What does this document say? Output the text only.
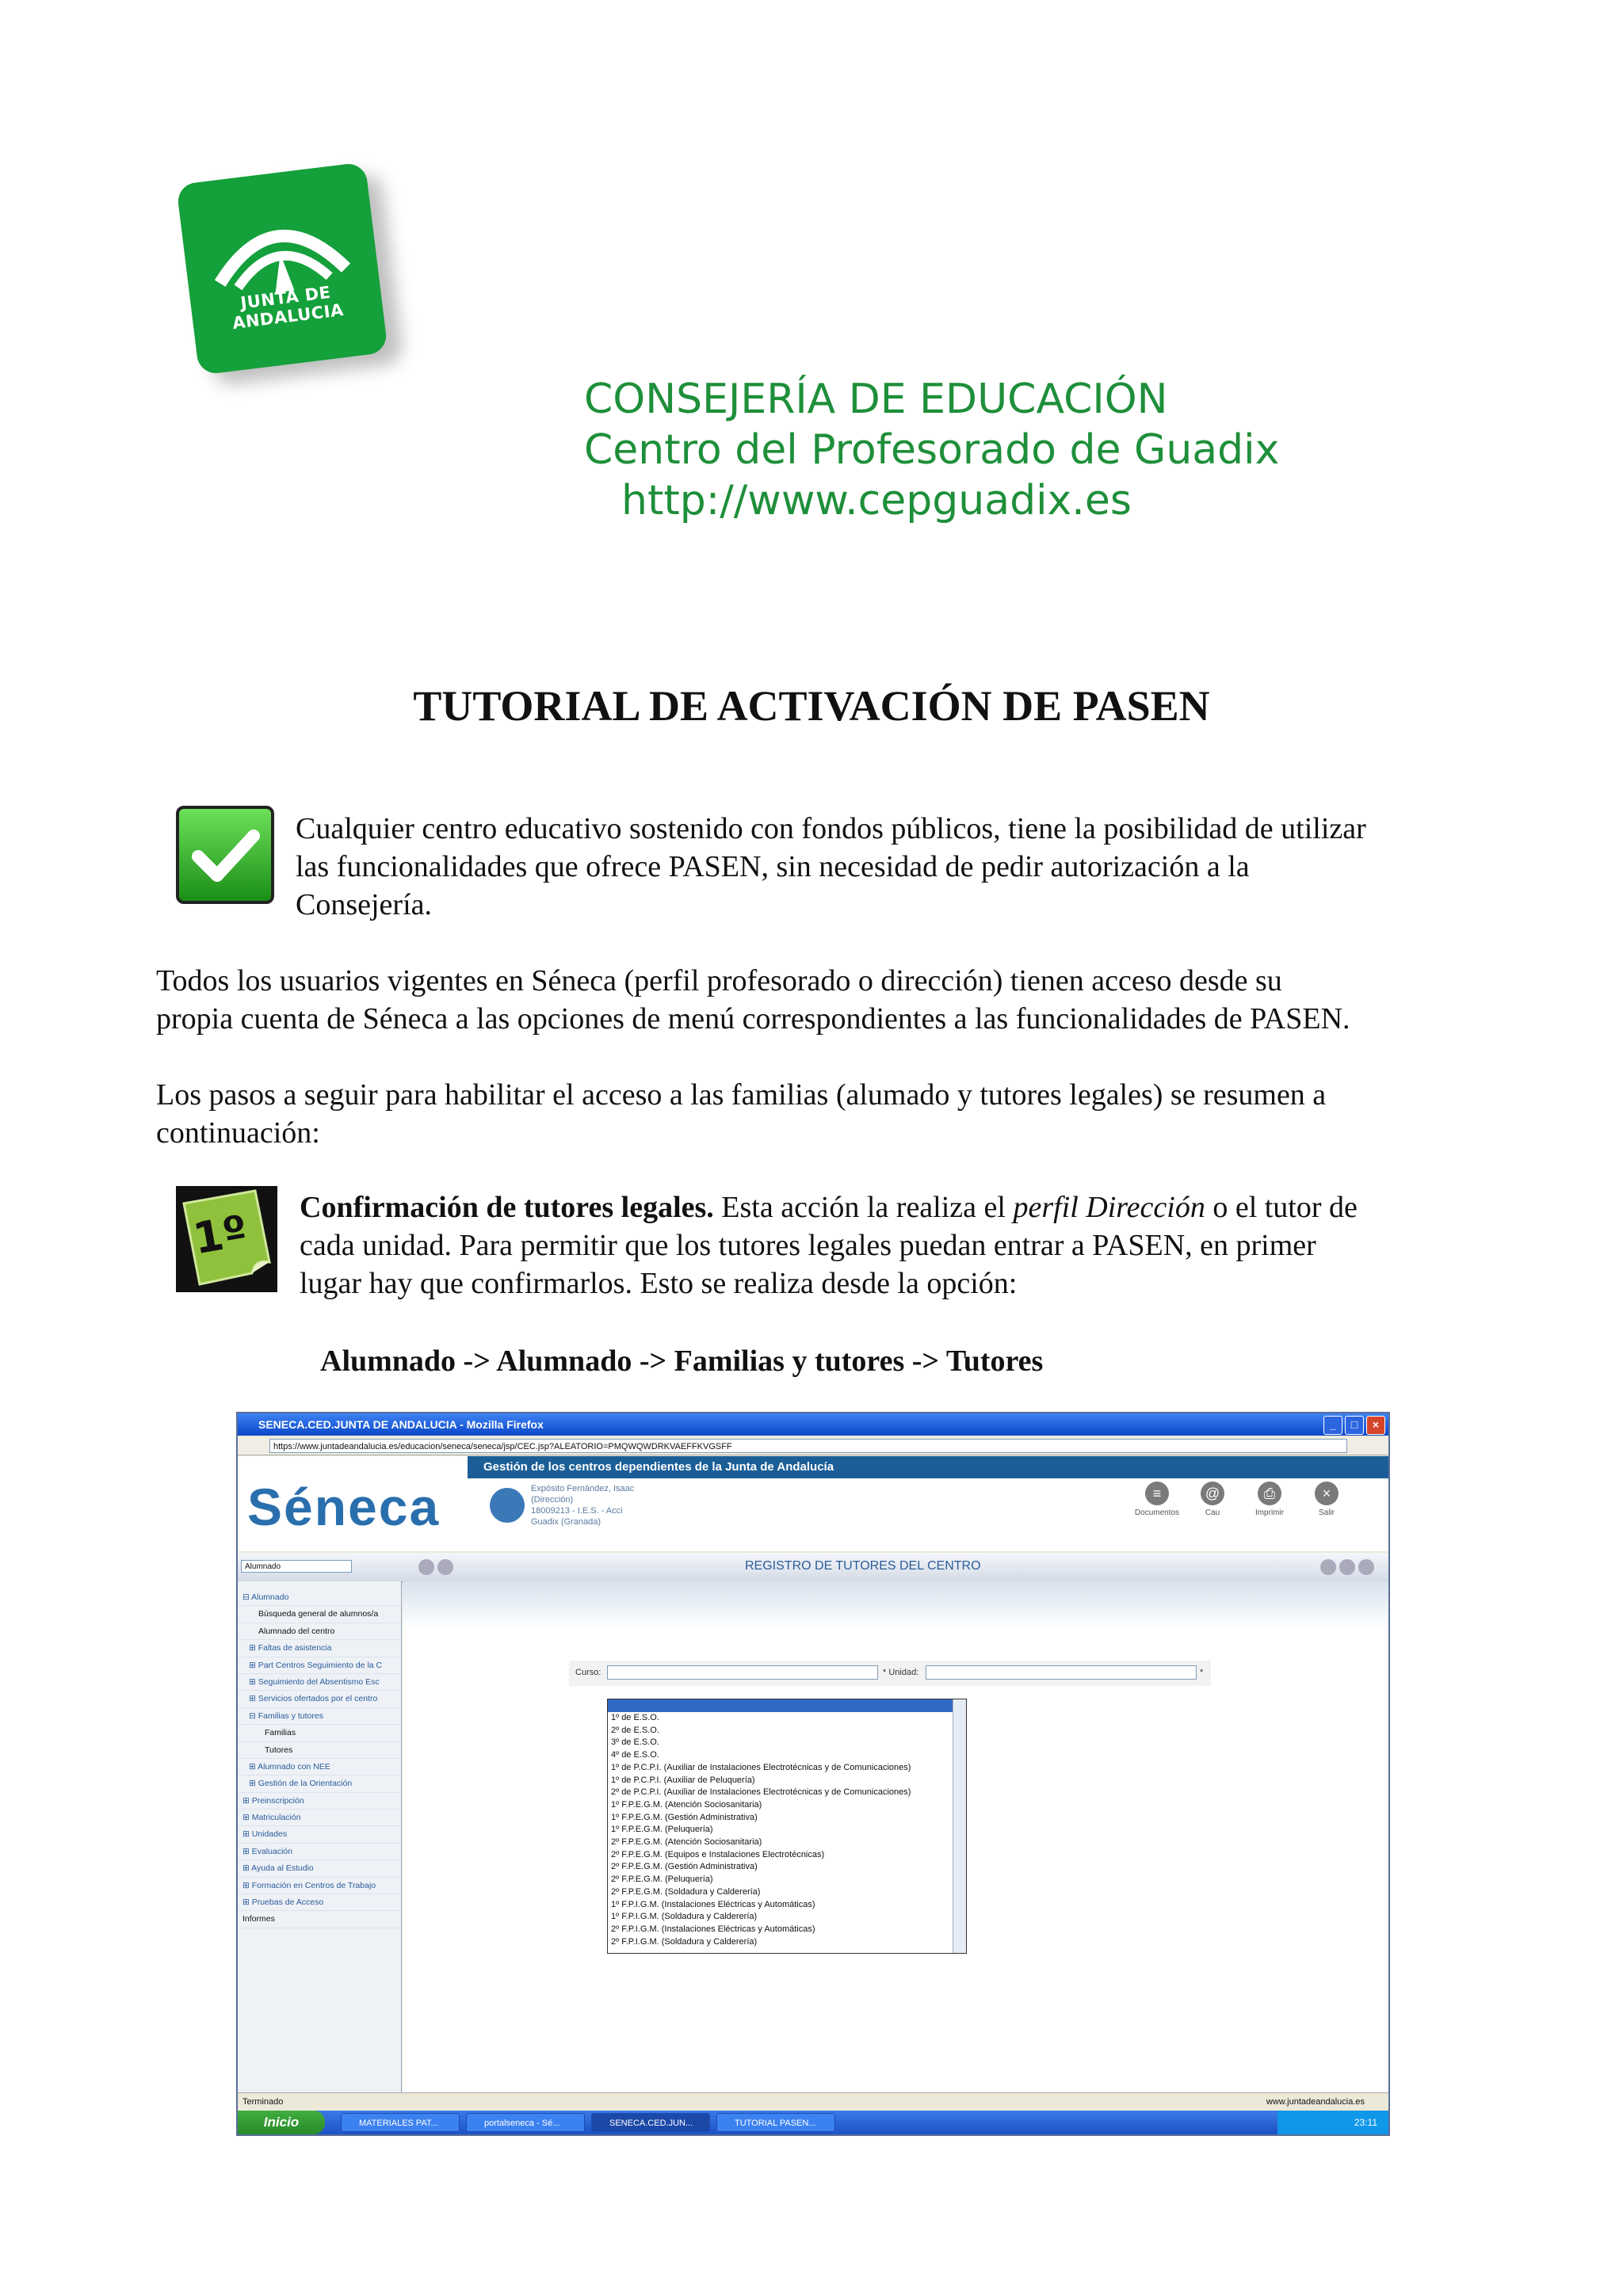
JUNTA DE ANDALUCIA
CONSEJERÍA DE EDUCACIÓN
Centro del Profesorado de Guadix
http://www.cepguadix.es
TUTORIAL DE ACTIVACIÓN DE PASEN
Cualquier centro educativo sostenido con fondos públicos, tiene la posibilidad de utilizar
las funcionalidades que ofrece PASEN, sin necesidad de pedir autorización a la
Consejería.
Todos los usuarios vigentes en Séneca (perfil profesorado o dirección) tienen acceso desde su
propia cuenta de Séneca a las opciones de menú correspondientes a las funcionalidades de PASEN.
Los pasos a seguir para habilitar el acceso a las familias (alumado y tutores legales) se resumen a
continuación:
1º Confirmación de tutores legales. Esta acción la realiza el perfil Dirección o el tutor de
cada unidad. Para permitir que los tutores legales puedan entrar a PASEN, en primer
lugar hay que confirmarlos. Esto se realiza desde la opción:
Alumnado -> Alumnado -> Familias y tutores -> Tutores
SENECA.CED.JUNTA DE ANDALUCIA - Mozilla Firefox	_	□	×
https://www.juntadeandalucia.es/educacion/seneca/seneca/jsp/CEC.jsp?ALEATORIO=PMQWQWDRKVAEFFKVGSFF
Gestión de los centros dependientes de la Junta de Andalucía
Séneca	Expósito Fernández, Isaac
(Dirección)
18009213 - I.E.S. - Acci
Guadix (Granada)
≡
Documentos
@
Cau
⎙
Imprimir
×
Salir
Alumnado	REGISTRO DE TUTORES DEL CENTRO
⊟ Alumnado
Búsqueda general de alumnos/a
Alumnado del centro
⊞ Faltas de asistencia
⊞ Part Centros Seguimiento de la C
⊞ Seguimiento del Absentismo Esc
⊞ Servicios ofertados por el centro
⊟ Familias y tutores
Familias
Tutores
⊞ Alumnado con NEE
⊞ Gestión de la Orientación
⊞ Preinscripción
⊞ Matriculación
⊞ Unidades
⊞ Evaluación
⊞ Ayuda al Estudio
⊞ Formación en Centros de Trabajo
⊞ Pruebas de Acceso
Informes
Curso:	* Unidad:	*
1º de E.S.O.
2º de E.S.O.
3º de E.S.O.
4º de E.S.O.
1º de P.C.P.I. (Auxiliar de Instalaciones Electrotécnicas y de Comunicaciones)
1º de P.C.P.I. (Auxiliar de Peluquería)
2º de P.C.P.I. (Auxiliar de Instalaciones Electrotécnicas y de Comunicaciones)
1º F.P.E.G.M. (Atención Sociosanitaria)
1º F.P.E.G.M. (Gestión Administrativa)
1º F.P.E.G.M. (Peluquería)
2º F.P.E.G.M. (Atención Sociosanitaria)
2º F.P.E.G.M. (Equipos e Instalaciones Electrotécnicas)
2º F.P.E.G.M. (Gestión Administrativa)
2º F.P.E.G.M. (Peluquería)
2º F.P.E.G.M. (Soldadura y Calderería)
1º F.P.I.G.M. (Instalaciones Eléctricas y Automáticas)
1º F.P.I.G.M. (Soldadura y Calderería)
2º F.P.I.G.M. (Instalaciones Eléctricas y Automáticas)
2º F.P.I.G.M. (Soldadura y Calderería)
Terminado	www.juntadeandalucia.es
Inicio	MATERIALES PAT...	portalseneca - Sé...	SENECA.CED.JUN...	TUTORIAL PASEN...	23:11
